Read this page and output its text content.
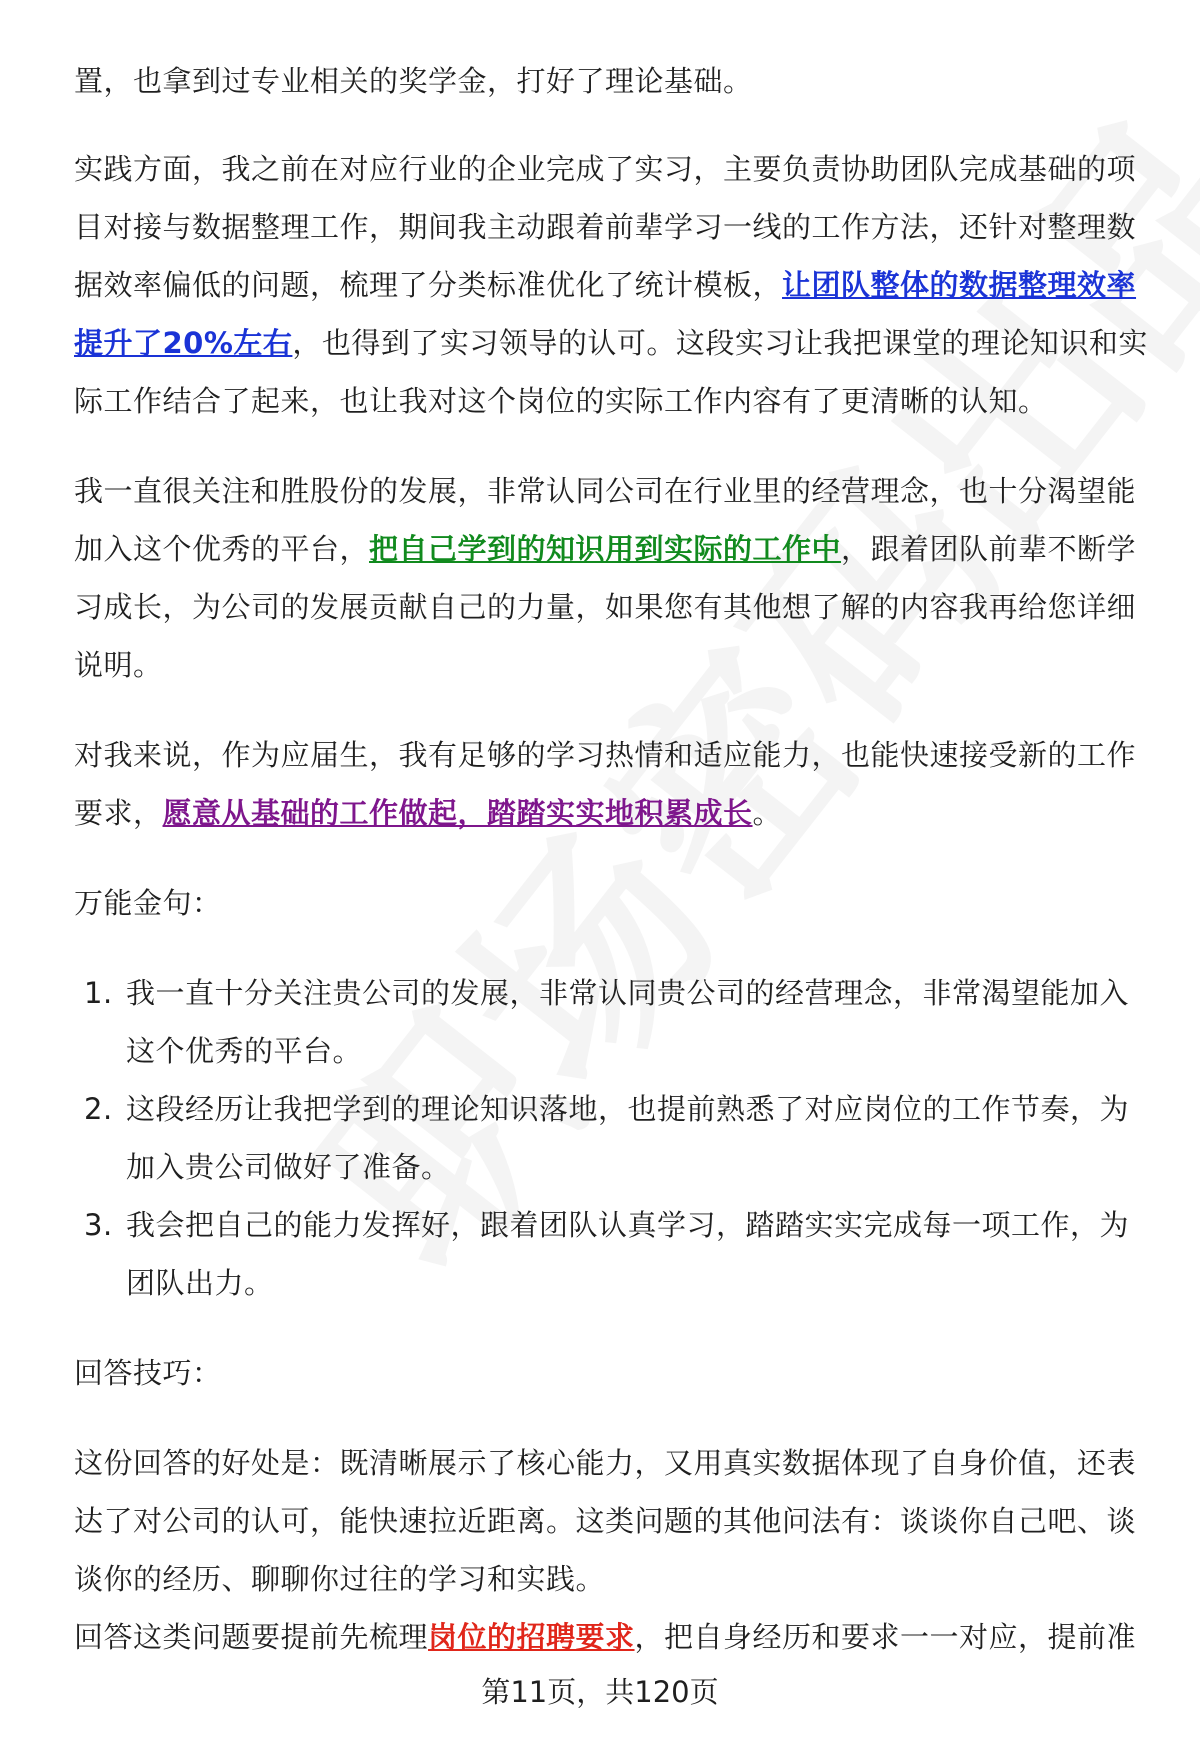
置，也拿到过专业相关的奖学金，打好了理论基础。

实践方面，我之前在对应行业的企业完成了实习，主要负责协助团队完成基础的项目对接与数据整理工作，期间我主动跟着前辈学习一线的工作方法，还针对整理数据效率偏低的问题，梳理了分类标准优化了统计模板，让团队整体的数据整理效率提升了20%左右，也得到了实习领导的认可。这段实习让我把课堂的理论知识和实际工作结合了起来，也让我对这个岗位的实际工作内容有了更清晰的认知。

我一直很关注和胜股份的发展，非常认同公司在行业里的经营理念，也十分渴望能加入这个优秀的平台，把自己学到的知识用到实际的工作中，跟着团队前辈不断学习成长，为公司的发展贡献自己的力量，如果您有其他想了解的内容我再给您详细说明。

对我来说，作为应届生，我有足够的学习热情和适应能力，也能快速接受新的工作要求，愿意从基础的工作做起，踏踏实实地积累成长。

万能金句：

1. 我一直十分关注贵公司的发展，非常认同贵公司的经营理念，非常渴望能加入这个优秀的平台。
2. 这段经历让我把学到的理论知识落地，也提前熟悉了对应岗位的工作节奏，为加入贵公司做好了准备。
3. 我会把自己的能力发挥好，跟着团队认真学习，踏踏实实完成每一项工作，为团队出力。

回答技巧：

这份回答的好处是：既清晰展示了核心能力，又用真实数据体现了自身价值，还表达了对公司的认可，能快速拉近距离。这类问题的其他问法有：谈谈你自己吧、谈谈你的经历、聊聊你过往的学习和实践。

回答这类问题要提前先梳理岗位的招聘要求，把自身经历和要求一一对应，提前准

第11页，共120页
